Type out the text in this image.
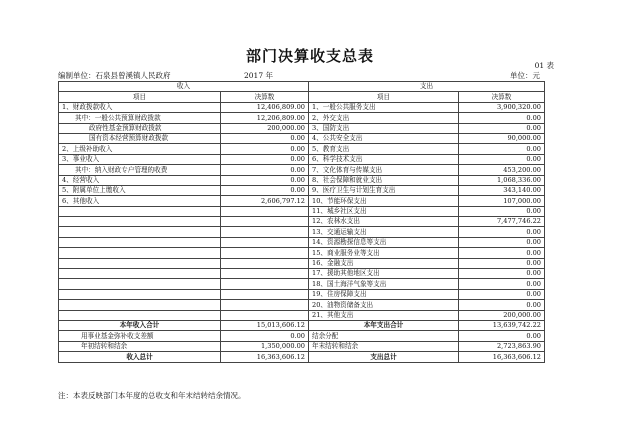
部门决算收支总表
01 表
编制单位：石泉县曾溪镇人民政府	2017 年	单位：元
收入		支出	
项目	决算数	项目	决算数
1、财政拨款收入	12,406,809.00	1、一般公共服务支出	3,900,320.00
其中：一般公共预算财政拨款	12,206,809.00	2、外交支出	0.00
政府性基金预算财政拨款	200,000.00	3、国防支出	0.00
国有资本经营预算财政拨款	0.00	4、公共安全支出	90,000.00
2、上级补助收入	0.00	5、教育支出	0.00
3、事业收入	0.00	6、科学技术支出	0.00
其中：纳入财政专户管理的收费	0.00	7、文化体育与传媒支出	453,200.00
4、经营收入	0.00	8、社会保障和就业支出	1,068,336.00
5、附属单位上缴收入	0.00	9、医疗卫生与计划生育支出	343,140.00
6、其他收入	2,606,797.12	10、节能环保支出	107,000.00
		11、城乡社区支出	0.00
		12、农林水支出	7,477,746.22
		13、交通运输支出	0.00
		14、资源勘探信息等支出	0.00
		15、商业服务业等支出	0.00
		16、金融支出	0.00
		17、援助其他地区支出	0.00
		18、国土海洋气象等支出	0.00
		19、住房保障支出	0.00
		20、油物资储备支出	0.00
		21、其他支出	200,000.00
本年收入合计	15,013,606.12	本年支出合计	13,639,742.22
用事业基金弥补收支差额	0.00	结余分配	0.00
年初结转和结余	1,350,000.00	年末结转和结余	2,723,863.90
收入总计	16,363,606.12	支出总计	16,363,606.12
注：本表反映部门本年度的总收支和年末结转结余情况。
